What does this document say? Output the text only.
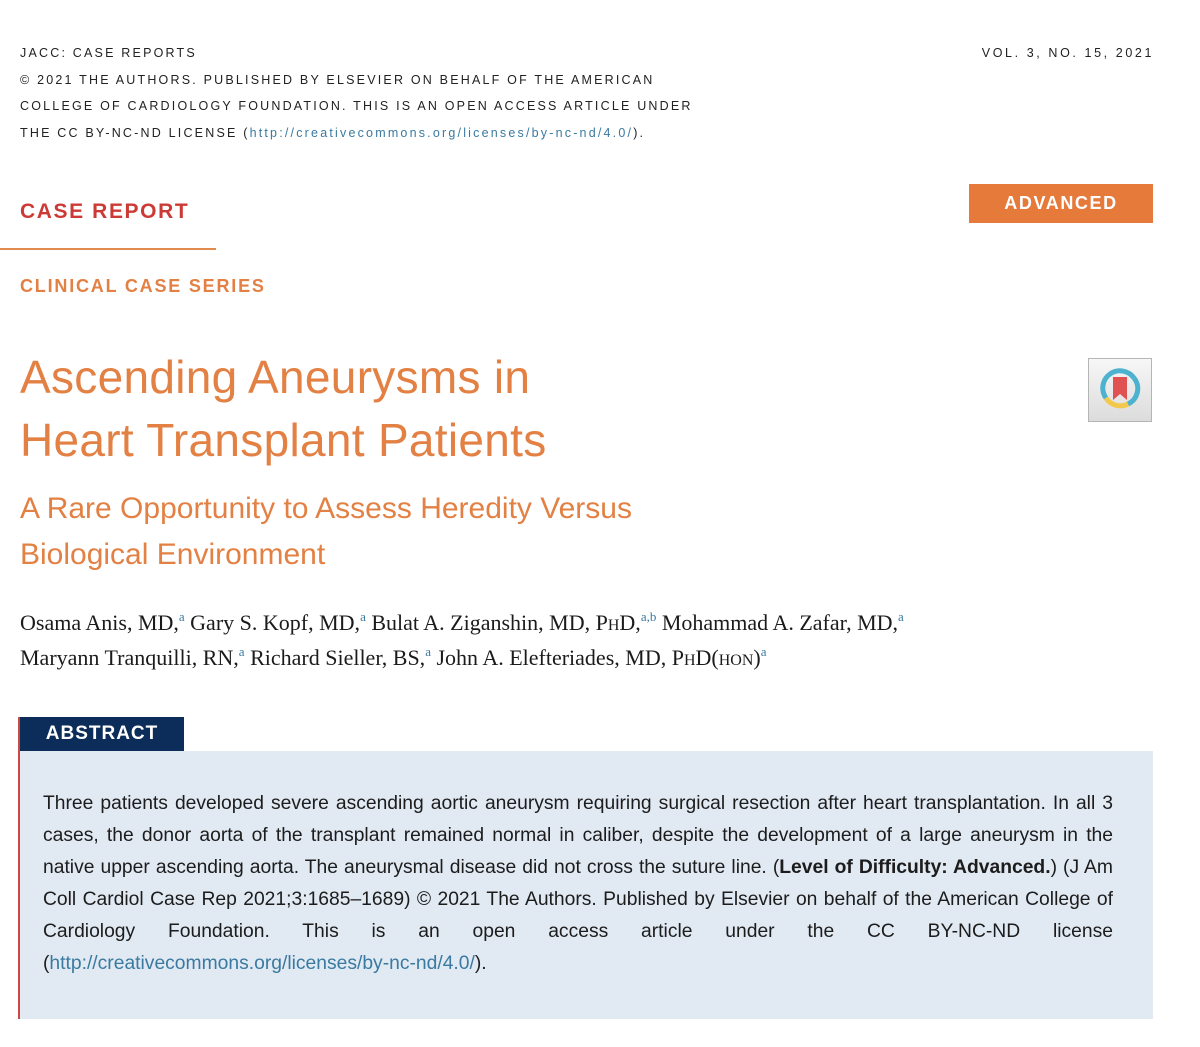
JACC: CASE REPORTS
© 2021 THE AUTHORS. PUBLISHED BY ELSEVIER ON BEHALF OF THE AMERICAN
COLLEGE OF CARDIOLOGY FOUNDATION. THIS IS AN OPEN ACCESS ARTICLE UNDER
THE CC BY-NC-ND LICENSE (http://creativecommons.org/licenses/by-nc-nd/4.0/).
VOL. 3, NO. 15, 2021
CASE REPORT
CLINICAL CASE SERIES
ADVANCED
Ascending Aneurysms in
Heart Transplant Patients
A Rare Opportunity to Assess Heredity Versus
Biological Environment
Osama Anis, MD,$^a$ Gary S. Kopf, MD,$^a$ Bulat A. Ziganshin, MD, PHD,$^{a,b}$ Mohammad A. Zafar, MD,$^a$
Maryann Tranquilli, RN,$^a$ Richard Sieller, BS,$^a$ John A. Elefteriades, MD, PHD(HON)$^a$
ABSTRACT

Three patients developed severe ascending aortic aneurysm requiring surgical resection after heart transplantation. In all 3 cases, the donor aorta of the transplant remained normal in caliber, despite the development of a large aneurysm in the native upper ascending aorta. The aneurysmal disease did not cross the suture line. (Level of Difficulty: Advanced.) (J Am Coll Cardiol Case Rep 2021;3:1685–1689) © 2021 The Authors. Published by Elsevier on behalf of the American College of Cardiology Foundation. This is an open access article under the CC BY-NC-ND license (http://creativecommons.org/licenses/by-nc-nd/4.0/).
